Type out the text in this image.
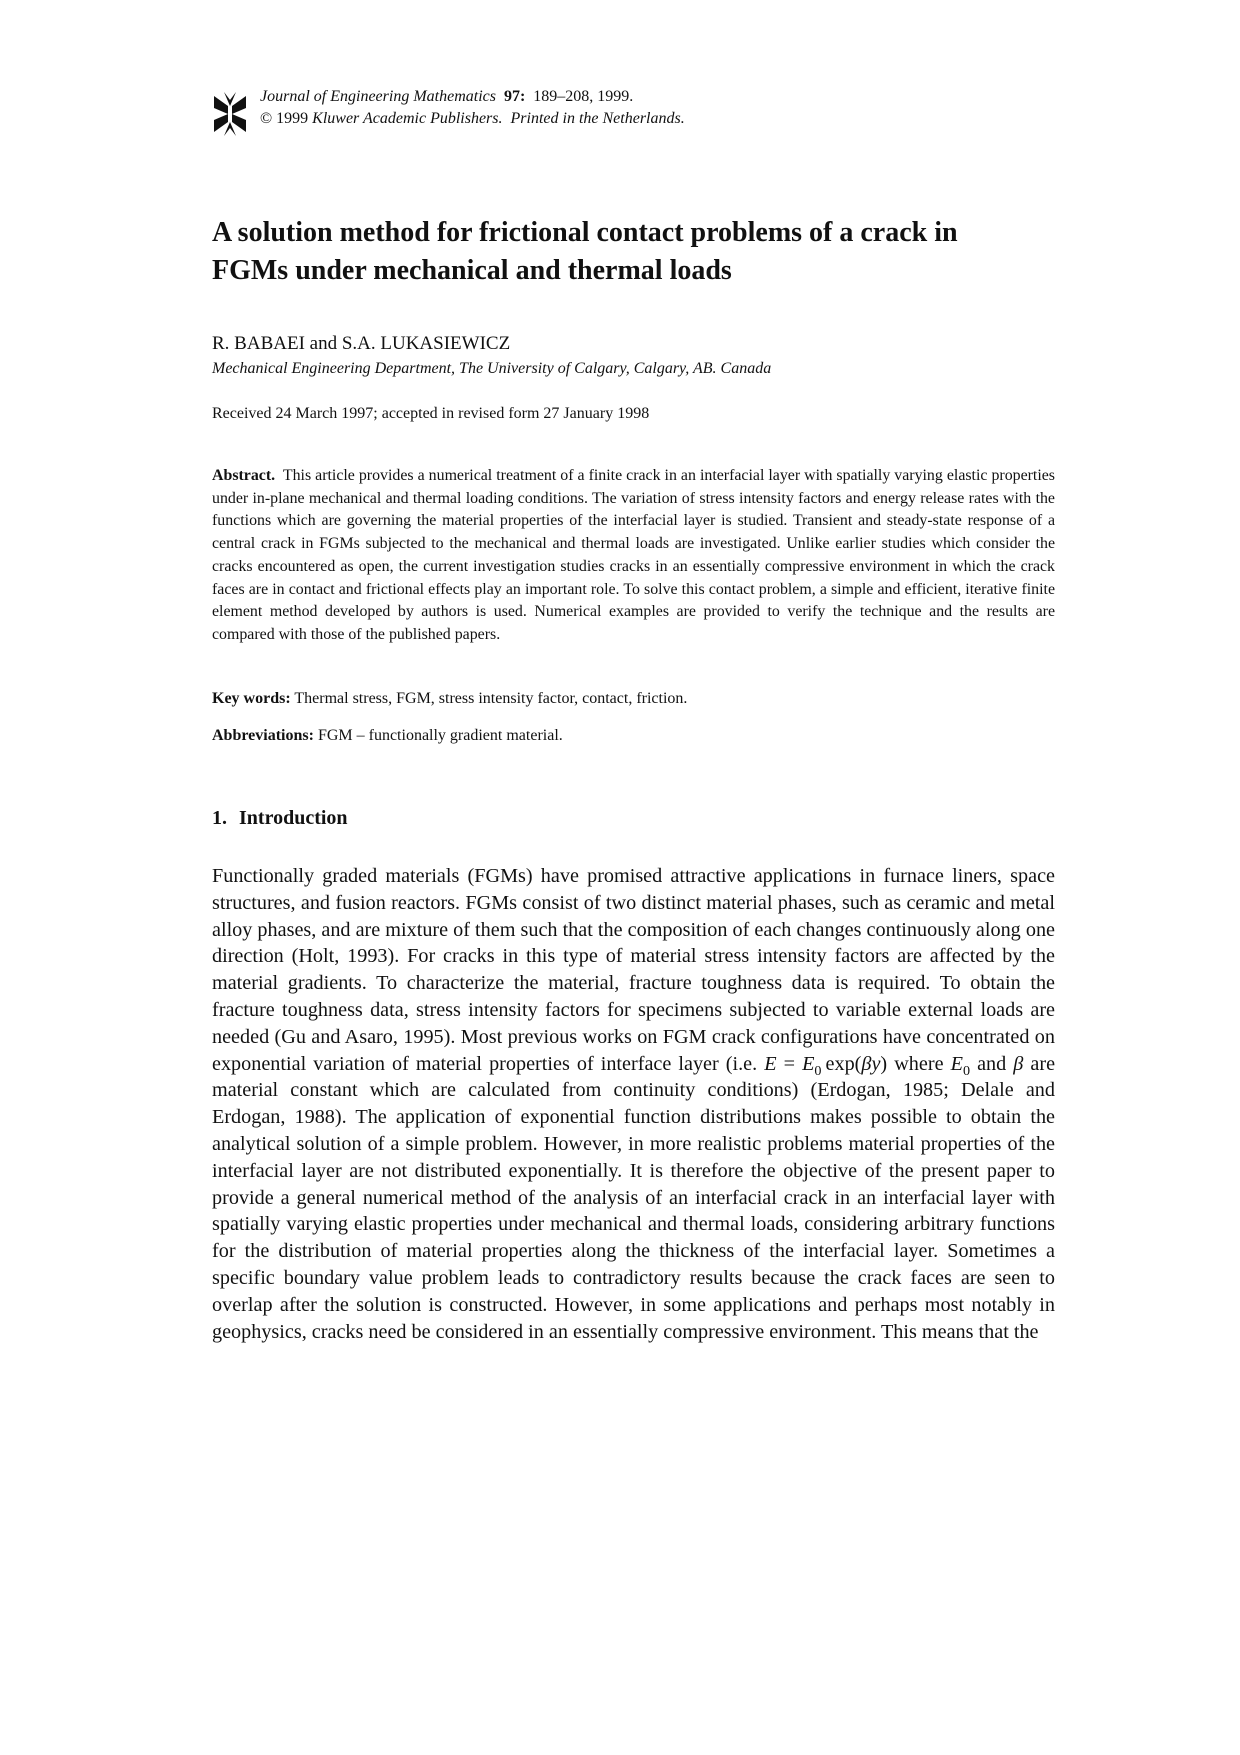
Journal of Engineering Mathematics 97: 189–208, 1999.
© 1999 Kluwer Academic Publishers. Printed in the Netherlands.
A solution method for frictional contact problems of a crack in
FGMs under mechanical and thermal loads
R. BABAEI and S.A. LUKASIEWICZ
Mechanical Engineering Department, The University of Calgary, Calgary, AB. Canada
Received 24 March 1997; accepted in revised form 27 January 1998

Abstract. This article provides a numerical treatment of a finite crack in an interfacial layer with spatially varying elastic properties under in-plane mechanical and thermal loading conditions. The variation of stress intensity factors and energy release rates with the functions which are governing the material properties of the interfacial layer is studied. Transient and steady-state response of a central crack in FGMs subjected to the mechanical and thermal loads are investigated. Unlike earlier studies which consider the cracks encountered as open, the current investigation studies cracks in an essentially compressive environment in which the crack faces are in contact and frictional effects play an important role. To solve this contact problem, a simple and efficient, iterative finite element method developed by authors is used. Numerical examples are provided to verify the technique and the results are compared with those of the published papers.

Key words: Thermal stress, FGM, stress intensity factor, contact, friction.
Abbreviations: FGM – functionally gradient material.
1. Introduction

Functionally graded materials (FGMs) have promised attractive applications in furnace liners, space structures, and fusion reactors. FGMs consist of two distinct material phases, such as ceramic and metal alloy phases, and are mixture of them such that the composition of each changes continuously along one direction (Holt, 1993). For cracks in this type of material stress intensity factors are affected by the material gradients. To characterize the material, fracture toughness data is required. To obtain the fracture toughness data, stress intensity factors for specimens subjected to variable external loads are needed (Gu and Asaro, 1995). Most previous works on FGM crack configurations have concentrated on exponential variation of material properties of interface layer (i.e. $E = E_0$  exp(βy) where $E_0$ and β are material constant which are calculated from continuity conditions) (Erdogan, 1985; Delale and Erdogan, 1988). The application of exponential function distributions makes possible to obtain the analytical solution of a simple problem. However, in more realistic problems material properties of the interfacial layer are not distributed exponentially. It is therefore the objective of the present paper to provide a general numerical method of the analysis of an interfacial crack in an interfacial layer with spatially varying elastic properties under mechanical and thermal loads, considering arbitrary functions for the distribution of material properties along the thickness of the interfacial layer. Sometimes a specific boundary value problem leads to contradictory results because the crack faces are seen to overlap after the solution is constructed. However, in some applications and perhaps most notably in geophysics, cracks need be considered in an essentially compressive environment. This means that the
